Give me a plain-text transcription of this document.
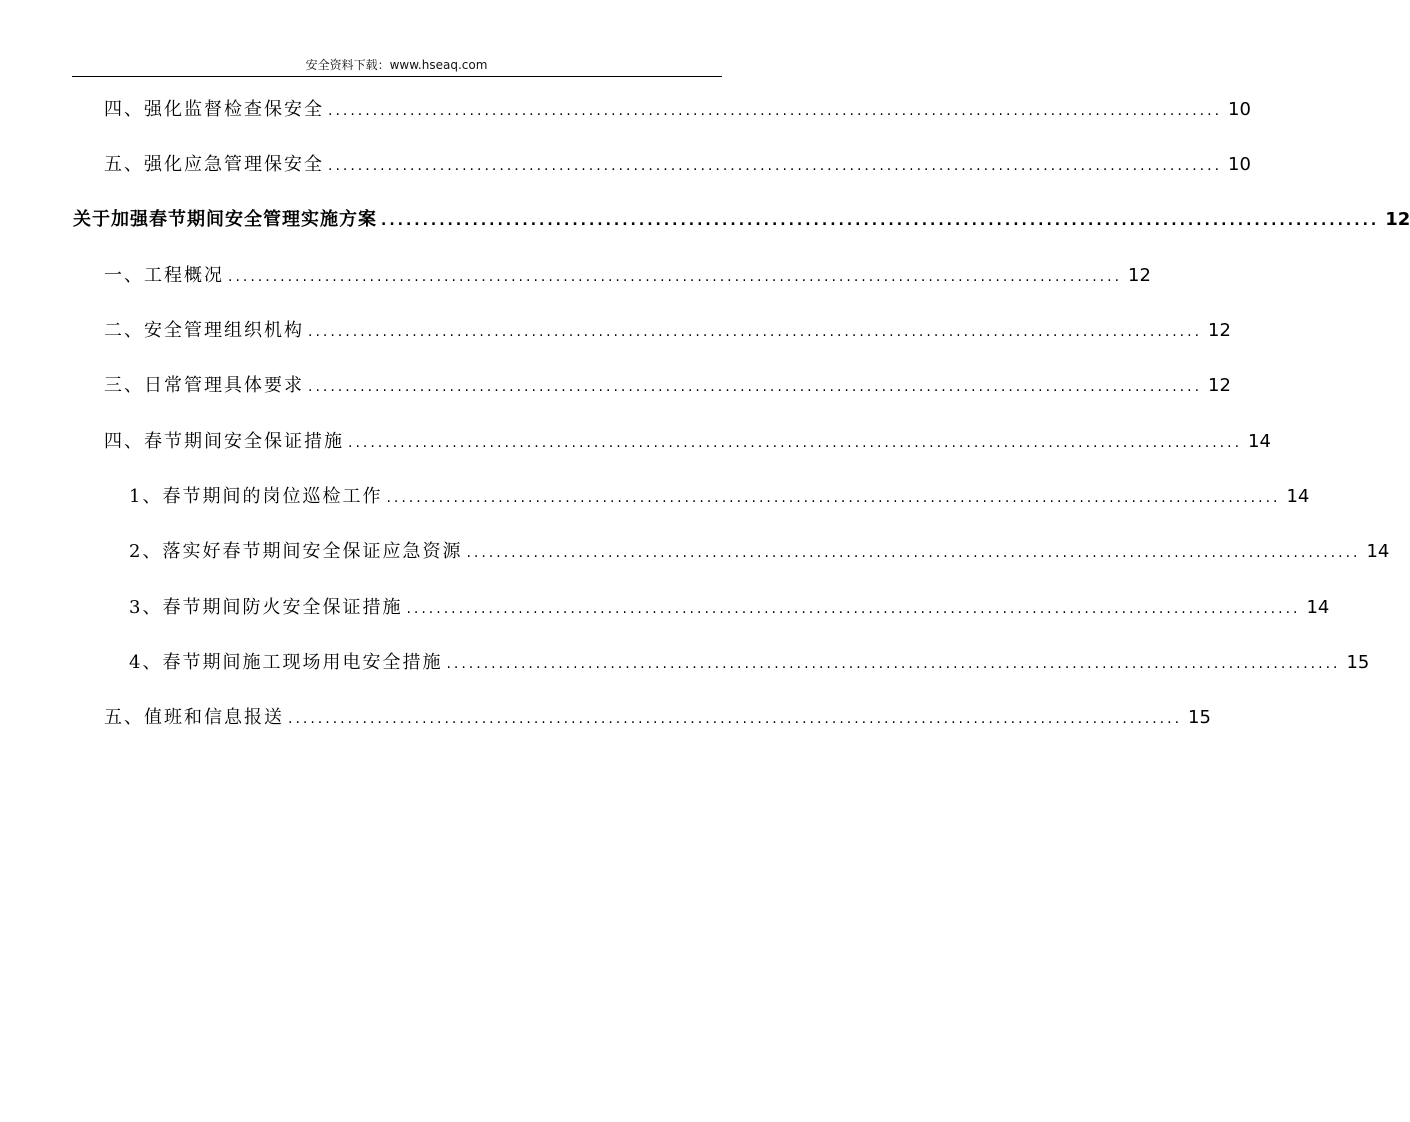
安全资料下载：www.hseaq.com
四、强化监督检查保安全 ........................................................................................................................ 10
五、强化应急管理保安全 ........................................................................................................................ 10
关于加强春节期间安全管理实施方案 ........................................................................................................................ 12
一、工程概况 ........................................................................................................................ 12
二、安全管理组织机构 ........................................................................................................................ 12
三、日常管理具体要求 ........................................................................................................................ 12
四、春节期间安全保证措施 ........................................................................................................................ 14
1、春节期间的岗位巡检工作 ........................................................................................................................ 14
2、落实好春节期间安全保证应急资源 ........................................................................................................................ 14
3、春节期间防火安全保证措施 ........................................................................................................................ 14
4、春节期间施工现场用电安全措施 ........................................................................................................................ 15
五、值班和信息报送 ........................................................................................................................ 15
